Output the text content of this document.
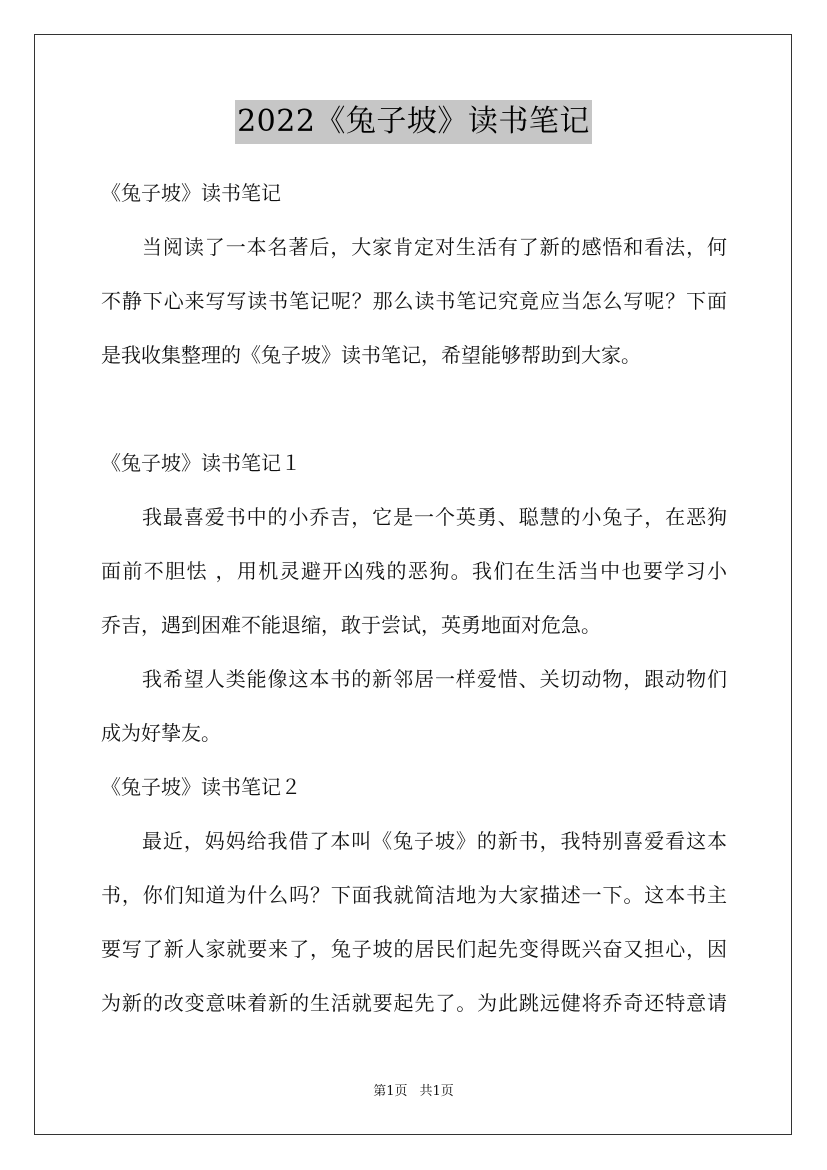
2022《兔子坡》读书笔记
《兔子坡》读书笔记
当阅读了一本名著后，大家肯定对生活有了新的感悟和看法，何
不静下心来写写读书笔记呢？那么读书笔记究竟应当怎么写呢？下面
是我收集整理的《兔子坡》读书笔记，希望能够帮助到大家。
《兔子坡》读书笔记１
我最喜爱书中的小乔吉，它是一个英勇、聪慧的小兔子，在恶狗
面前不胆怯 ，用机灵避开凶残的恶狗。我们在生活当中也要学习小
乔吉，遇到困难不能退缩，敢于尝试，英勇地面对危急。
我希望人类能像这本书的新邻居一样爱惜、关切动物，跟动物们
成为好挚友。
《兔子坡》读书笔记２
最近，妈妈给我借了本叫《兔子坡》的新书，我特别喜爱看这本
书，你们知道为什么吗？下面我就简洁地为大家描述一下。这本书主
要写了新人家就要来了，兔子坡的居民们起先变得既兴奋又担心，因
为新的改变意味着新的生活就要起先了。为此跳远健将乔奇还特意请
第1页 共1页
